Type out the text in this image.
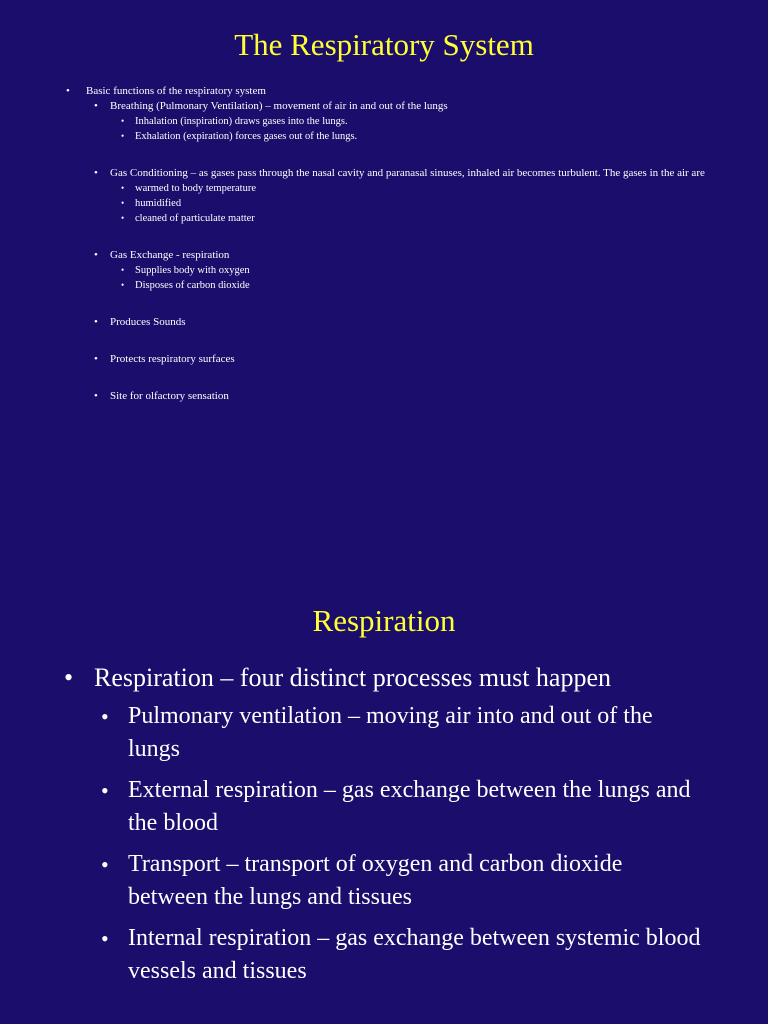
The Respiratory System
• Basic functions of the respiratory system
• Breathing (Pulmonary Ventilation) – movement of air in and out of the lungs
• Inhalation (inspiration) draws gases into the lungs.
• Exhalation (expiration) forces gases out of the lungs.
• Gas Conditioning – as gases pass through the nasal cavity and paranasal sinuses, inhaled air becomes turbulent. The gases in the air are
• warmed to body temperature
• humidified
• cleaned of particulate matter
• Gas Exchange - respiration
• Supplies body with oxygen
• Disposes of carbon dioxide
• Produces Sounds
• Protects respiratory surfaces
• Site for olfactory sensation
Respiration
• Respiration – four distinct processes must happen
• Pulmonary ventilation – moving air into and out of the lungs
• External respiration – gas exchange between the lungs and the blood
• Transport – transport of oxygen and carbon dioxide between the lungs and tissues
• Internal respiration – gas exchange between systemic blood vessels and tissues
